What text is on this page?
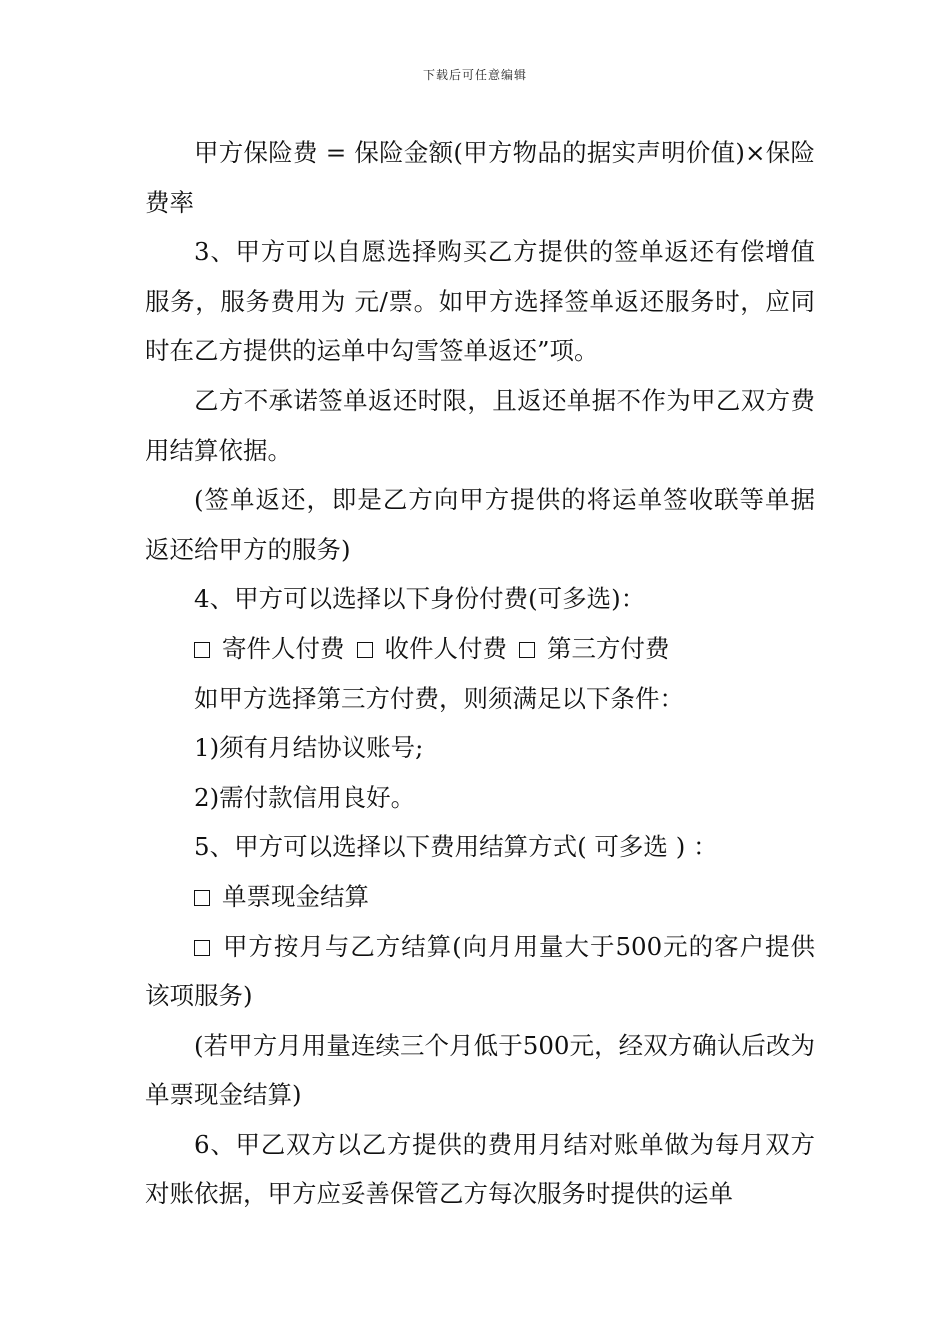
下载后可任意编辑

甲方保险费 = 保险金额(甲方物品的据实声明价值)×保险费率

3、甲方可以自愿选择购买乙方提供的签单返还有偿增值服务，服务费用为 元/票。如甲方选择签单返还服务时，应同时在乙方提供的运单中勾雪签单返还”项。

乙方不承诺签单返还时限，且返还单据不作为甲乙双方费用结算依据。

(签单返还，即是乙方向甲方提供的将运单签收联等单据返还给甲方的服务)

4、甲方可以选择以下身份付费(可多选)：

寄件人付费 收件人付费 第三方付费

如甲方选择第三方付费，则须满足以下条件：

1)须有月结协议账号;

2)需付款信用良好。

5、甲方可以选择以下费用结算方式( 可多选 ) ：

单票现金结算

甲方按月与乙方结算(向月用量大于500元的客户提供该项服务)

(若甲方月用量连续三个月低于500元，经双方确认后改为单票现金结算)

6、甲乙双方以乙方提供的费用月结对账单做为每月双方对账依据，甲方应妥善保管乙方每次服务时提供的运单
